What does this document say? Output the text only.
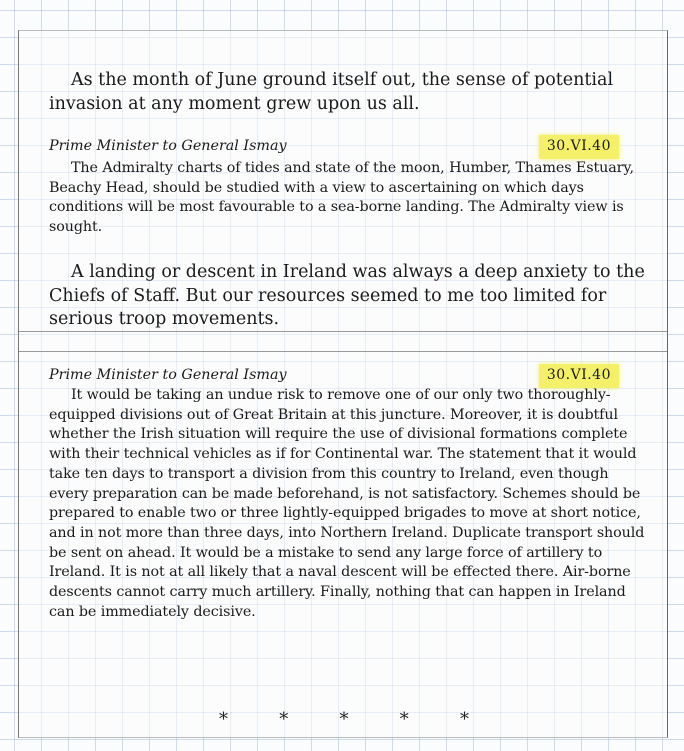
As the month of June ground itself out, the sense of potential invasion at any moment grew upon us all.

Prime Minister to General Ismay	30.VI.40

The Admiralty charts of tides and state of the moon, Humber, Thames Estuary, Beachy Head, should be studied with a view to ascertaining on which days conditions will be most favourable to a sea-borne landing. The Admiralty view is sought.

A landing or descent in Ireland was always a deep anxiety to the Chiefs of Staff. But our resources seemed to me too limited for serious troop movements.

Prime Minister to General Ismay	30.VI.40

It would be taking an undue risk to remove one of our only two thoroughly-equipped divisions out of Great Britain at this juncture. Moreover, it is doubtful whether the Irish situation will require the use of divisional formations complete with their technical vehicles as if for Continental war. The statement that it would take ten days to transport a division from this country to Ireland, even though every preparation can be made beforehand, is not satisfactory. Schemes should be prepared to enable two or three lightly-equipped brigades to move at short notice, and in not more than three days, into Northern Ireland. Duplicate transport should be sent on ahead. It would be a mistake to send any large force of artillery to Ireland. It is not at all likely that a naval descent will be effected there. Air-borne descents cannot carry much artillery. Finally, nothing that can happen in Ireland can be immediately decisive.

*	*	*	*	*
